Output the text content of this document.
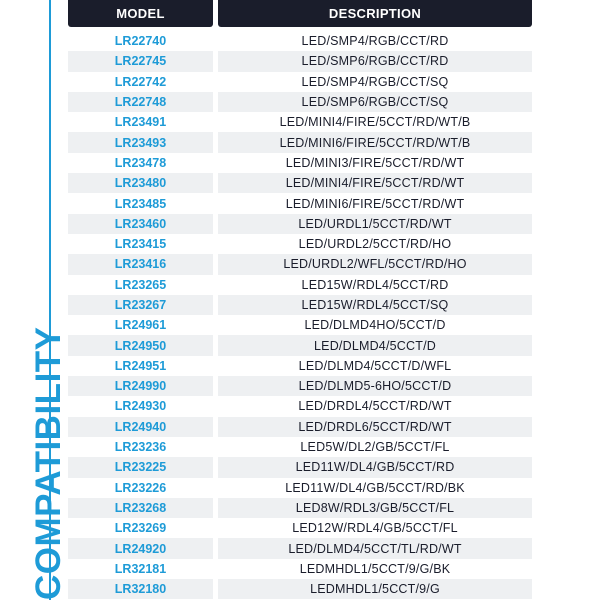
COMPATIBILITY
MODEL	DESCRIPTION
LR22740	LED/SMP4/RGB/CCT/RD
LR22745	LED/SMP6/RGB/CCT/RD
LR22742	LED/SMP4/RGB/CCT/SQ
LR22748	LED/SMP6/RGB/CCT/SQ
LR23491	LED/MINI4/FIRE/5CCT/RD/WT/B
LR23493	LED/MINI6/FIRE/5CCT/RD/WT/B
LR23478	LED/MINI3/FIRE/5CCT/RD/WT
LR23480	LED/MINI4/FIRE/5CCT/RD/WT
LR23485	LED/MINI6/FIRE/5CCT/RD/WT
LR23460	LED/URDL1/5CCT/RD/WT
LR23415	LED/URDL2/5CCT/RD/HO
LR23416	LED/URDL2/WFL/5CCT/RD/HO
LR23265	LED15W/RDL4/5CCT/RD
LR23267	LED15W/RDL4/5CCT/SQ
LR24961	LED/DLMD4HO/5CCT/D
LR24950	LED/DLMD4/5CCT/D
LR24951	LED/DLMD4/5CCT/D/WFL
LR24990	LED/DLMD5-6HO/5CCT/D
LR24930	LED/DRDL4/5CCT/RD/WT
LR24940	LED/DRDL6/5CCT/RD/WT
LR23236	LED5W/DL2/GB/5CCT/FL
LR23225	LED11W/DL4/GB/5CCT/RD
LR23226	LED11W/DL4/GB/5CCT/RD/BK
LR23268	LED8W/RDL3/GB/5CCT/FL
LR23269	LED12W/RDL4/GB/5CCT/FL
LR24920	LED/DLMD4/5CCT/TL/RD/WT
LR32181	LEDMHDL1/5CCT/9/G/BK
LR32180	LEDMHDL1/5CCT/9/G
